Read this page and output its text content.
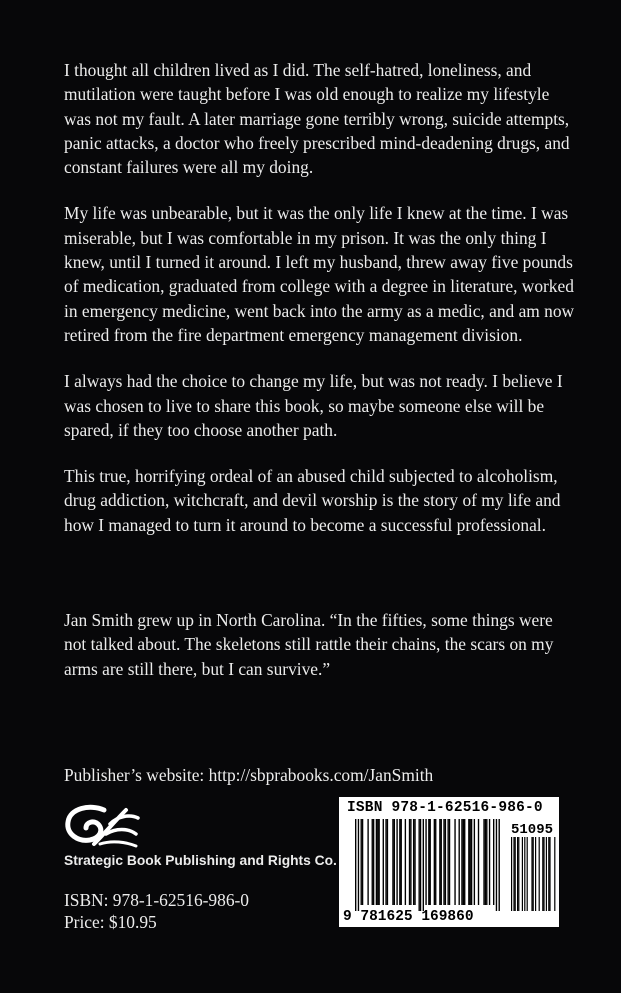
I thought all children lived as I did. The self-hatred, loneliness, and mutilation were taught before I was old enough to realize my lifestyle was not my fault. A later marriage gone terribly wrong, suicide attempts, panic attacks, a doctor who freely prescribed mind-deadening drugs, and constant failures were all my doing.

My life was unbearable, but it was the only life I knew at the time. I was miserable, but I was comfortable in my prison. It was the only thing I knew, until I turned it around. I left my husband, threw away five pounds of medication, graduated from college with a degree in literature, worked in emergency medicine, went back into the army as a medic, and am now retired from the fire department emergency management division.

I always had the choice to change my life, but was not ready. I believe I was chosen to live to share this book, so maybe someone else will be spared, if they too choose another path.

This true, horrifying ordeal of an abused child subjected to alcoholism, drug addiction, witchcraft, and devil worship is the story of my life and how I managed to turn it around to become a successful professional.

Jan Smith grew up in North Carolina. “In the fifties, some things were not talked about. The skeletons still rattle their chains, the scars on my arms are still there, but I can survive.”

Publisher’s website: http://sbprabooks.com/JanSmith

Strategic Book Publishing and Rights Co.

ISBN: 978-1-62516-986-0

Price: $10.95

51095
ISBN 978-1-62516-986-0
9 781625 169860
